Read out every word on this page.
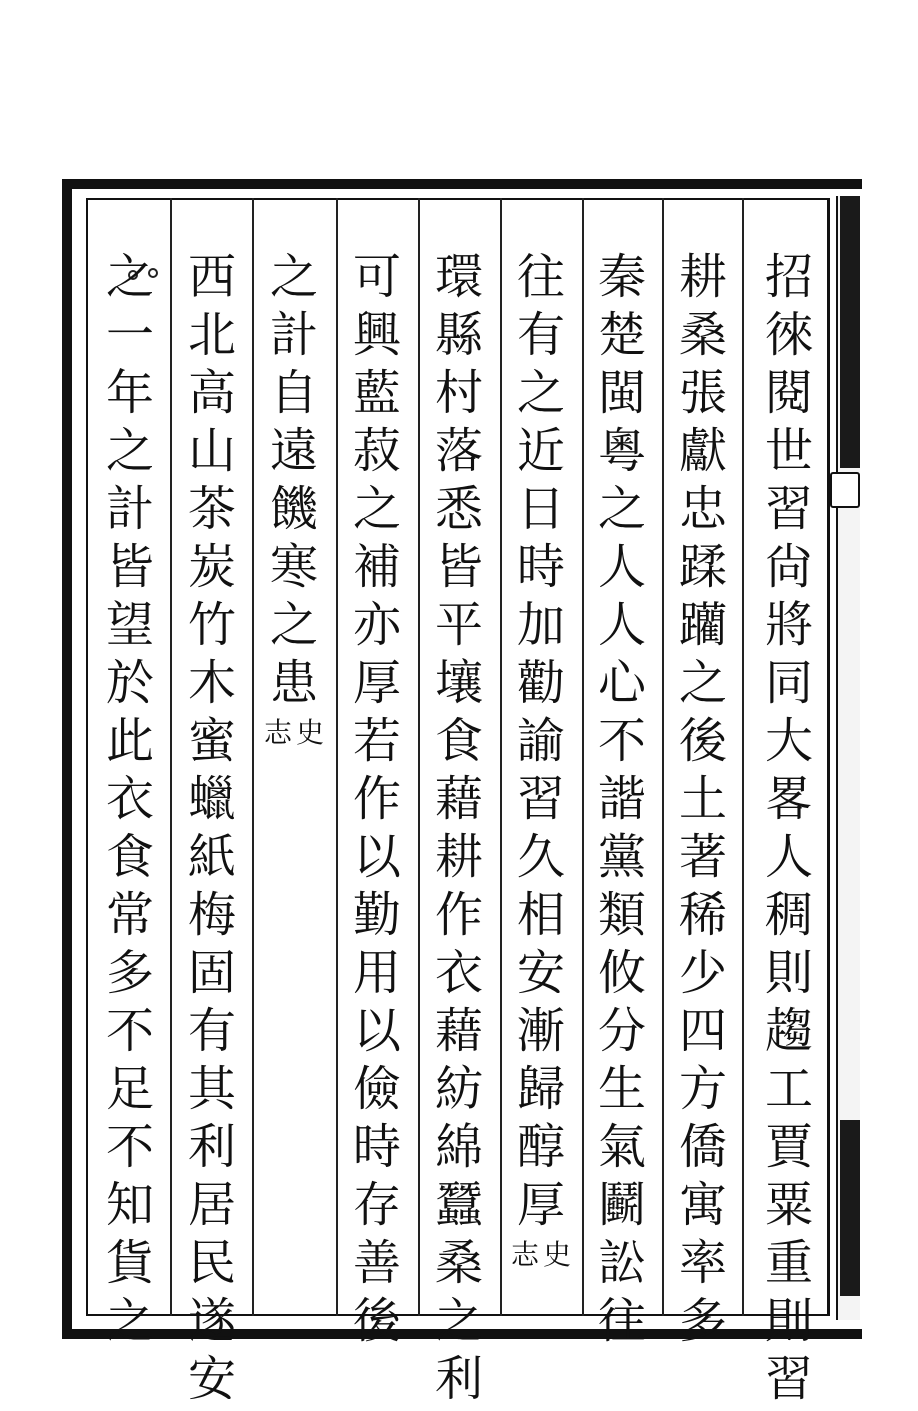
招
徠
閱
世
習
尙
將
同
大
畧
人
稠
則
趨
工
賈
粟
重
則
習
耕
桑
張
獻
忠
蹂
躪
之
後
土
著
稀
少
四
方
僑
寓
率
多
秦
楚
閩
粵
之
人
人
心
不
諧
黨
類
攸
分
生
氣
鬬
訟
往
往
有
之
近
日
時
加
勸
諭
習
久
相
安
漸
歸
醇
厚
史
志
環
縣
村
落
悉
皆
平
壤
食
藉
耕
作
衣
藉
紡
綿
蠶
桑
之
利
可
興
藍
菽
之
補
亦
厚
若
作
以
勤
用
以
儉
時
存
善
後
之
計
自
遠
饑
寒
之
患
史
志
西
北
高
山
茶
炭
竹
木
蜜
蠟
紙
梅
固
有
其
利
居
民
遂
安
之
一
年
之
計
皆
望
於
此
衣
食
常
多
不
足
不
知
貨
之
